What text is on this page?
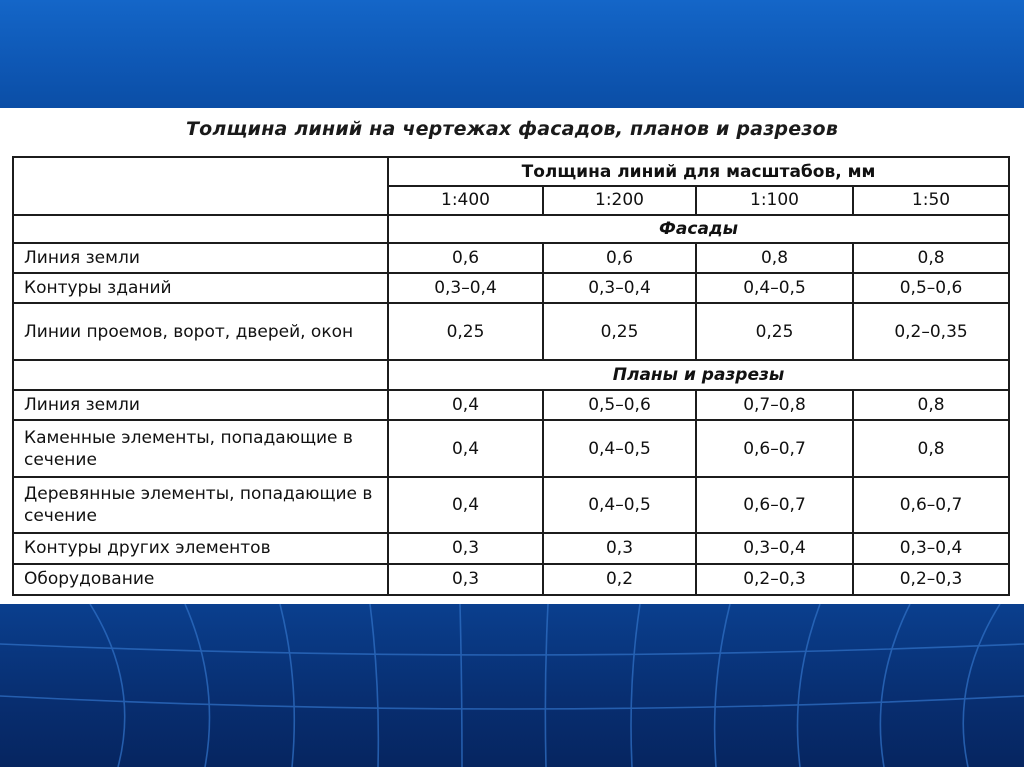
Толщина линий на чертежах фасадов, планов и разрезов
	Толщина линий для масштабов, мм			
	1:400	1:200	1:100	1:50
	Фасады			
Линия земли	0,6	0,6	0,8	0,8
Контуры зданий	0,3–0,4	0,3–0,4	0,4–0,5	0,5–0,6
Линии проемов, ворот, дверей, окон	0,25	0,25	0,25	0,2–0,35
	Планы и разрезы			
Линия земли	0,4	0,5–0,6	0,7–0,8	0,8
Каменные элементы, попадающие в сечение	0,4	0,4–0,5	0,6–0,7	0,8
Деревянные элементы, попадающие в сечение	0,4	0,4–0,5	0,6–0,7	0,6–0,7
Контуры других элементов	0,3	0,3	0,3–0,4	0,3–0,4
Оборудование	0,3	0,2	0,2–0,3	0,2–0,3
